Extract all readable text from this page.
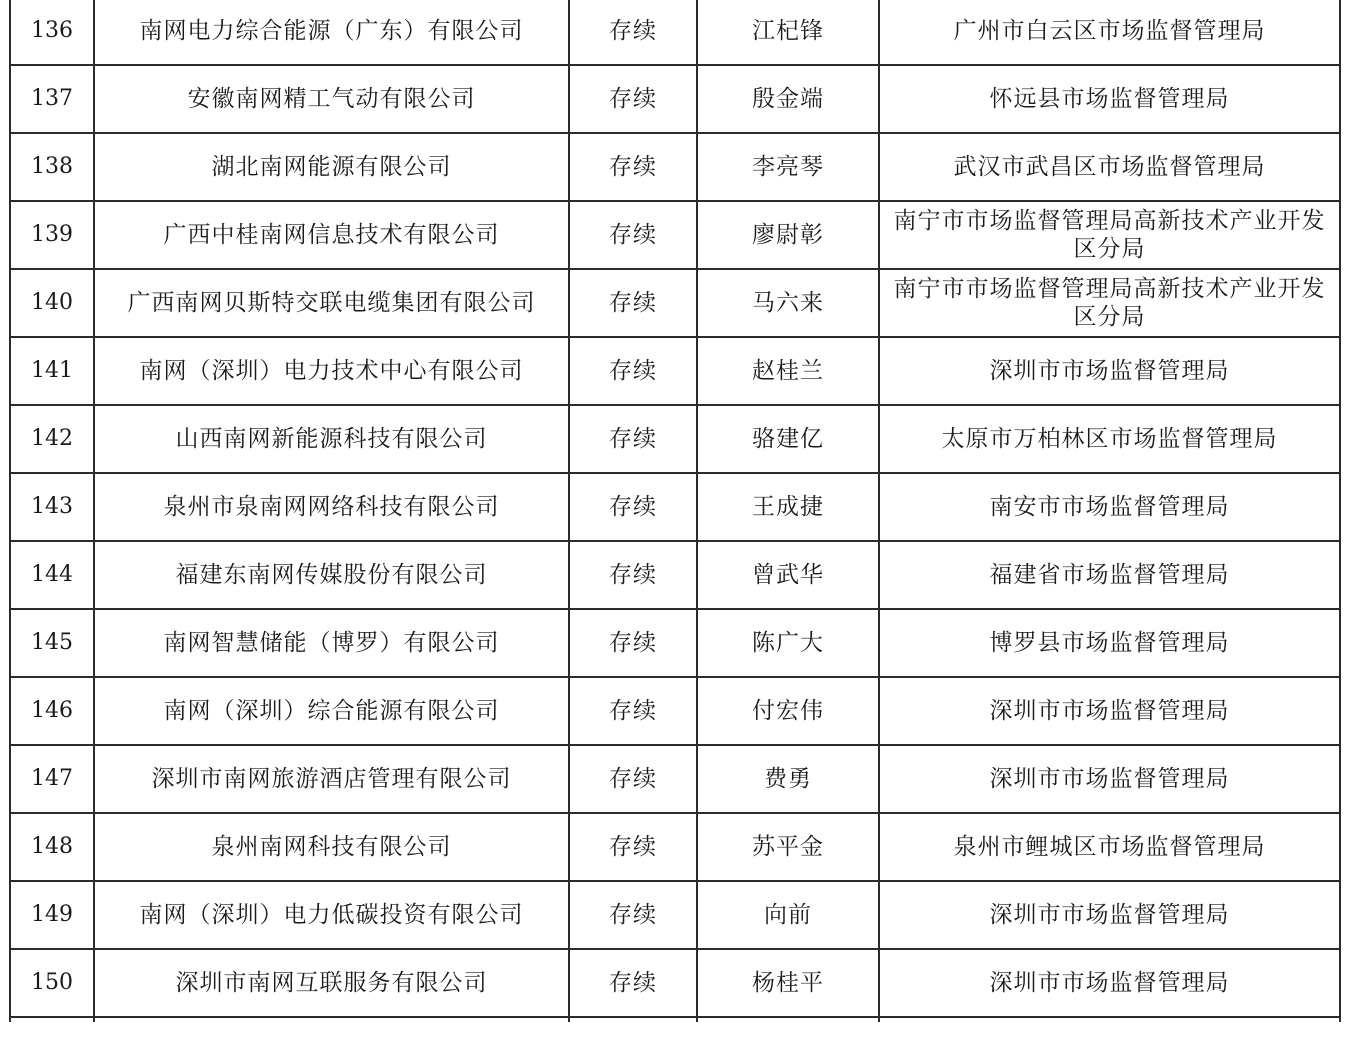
136	南网电力综合能源（广东）有限公司	存续	江杞锋	广州市白云区市场监督管理局
137	安徽南网精工气动有限公司	存续	殷金端	怀远县市场监督管理局
138	湖北南网能源有限公司	存续	李亮琴	武汉市武昌区市场监督管理局
139	广西中桂南网信息技术有限公司	存续	廖尉彰	南宁市市场监督管理局高新技术产业开发区分局
140	广西南网贝斯特交联电缆集团有限公司	存续	马六来	南宁市市场监督管理局高新技术产业开发区分局
141	南网（深圳）电力技术中心有限公司	存续	赵桂兰	深圳市市场监督管理局
142	山西南网新能源科技有限公司	存续	骆建亿	太原市万柏林区市场监督管理局
143	泉州市泉南网网络科技有限公司	存续	王成捷	南安市市场监督管理局
144	福建东南网传媒股份有限公司	存续	曾武华	福建省市场监督管理局
145	南网智慧储能（博罗）有限公司	存续	陈广大	博罗县市场监督管理局
146	南网（深圳）综合能源有限公司	存续	付宏伟	深圳市市场监督管理局
147	深圳市南网旅游酒店管理有限公司	存续	费勇	深圳市市场监督管理局
148	泉州南网科技有限公司	存续	苏平金	泉州市鲤城区市场监督管理局
149	南网（深圳）电力低碳投资有限公司	存续	向前	深圳市市场监督管理局
150	深圳市南网互联服务有限公司	存续	杨桂平	深圳市市场监督管理局
